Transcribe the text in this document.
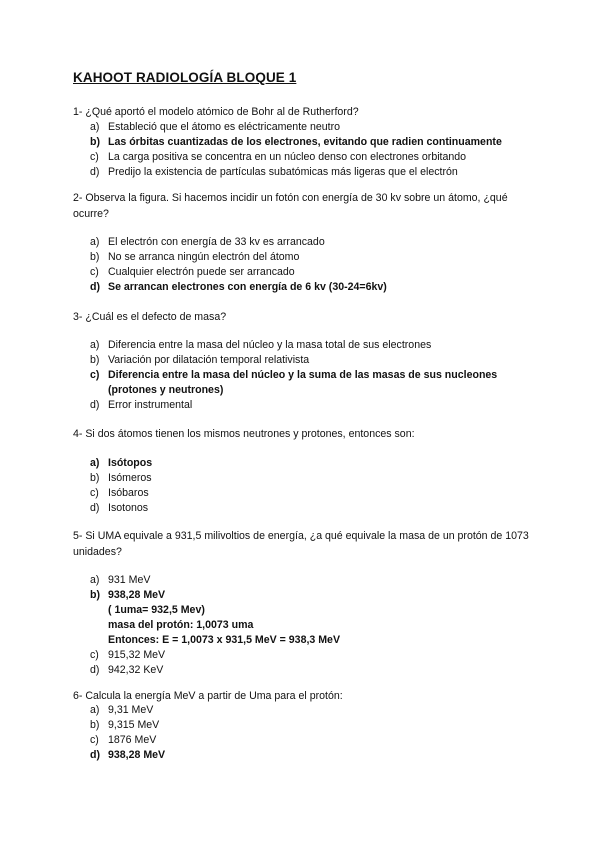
KAHOOT RADIOLOGÍA BLOQUE 1
1- ¿Qué aportó el modelo atómico de Bohr al de Rutherford?
a) Estableció que el átomo es eléctricamente neutro
b) Las órbitas cuantizadas de los electrones, evitando que radien continuamente
c) La carga positiva se concentra en un núcleo denso con electrones orbitando
d) Predijo la existencia de partículas subatómicas más ligeras que el electrón
2- Observa la figura. Si hacemos incidir un fotón con energía de 30 kv sobre un átomo, ¿qué ocurre?
a) El electrón con energía de 33 kv es arrancado
b) No se arranca ningún electrón del átomo
c) Cualquier electrón puede ser arrancado
d) Se arrancan electrones con energía de 6 kv (30-24=6kv)
3- ¿Cuál es el defecto de masa?
a) Diferencia entre la masa del núcleo y la masa total de sus electrones
b) Variación por dilatación temporal relativista
c) Diferencia entre la masa del núcleo y la suma de las masas de sus nucleones (protones y neutrones)
d) Error instrumental
4- Si dos átomos tienen los mismos neutrones y protones, entonces son:
a) Isótopos
b) Isómeros
c) Isóbaros
d) Isotonos
5- Si UMA equivale a 931,5 milivoltios de energía, ¿a qué equivale la masa de un protón de 1073 unidades?
a) 931 MeV
b) 938,28 MeV
( 1uma= 932,5 Mev)
masa del protón: 1,0073 uma
Entonces: E = 1,0073 x 931,5 MeV = 938,3 MeV
c) 915,32 MeV
d) 942,32 KeV
6- Calcula la energía MeV a partir de Uma para el protón:
a) 9,31 MeV
b) 9,315 MeV
c) 1876 MeV
d) 938,28 MeV
